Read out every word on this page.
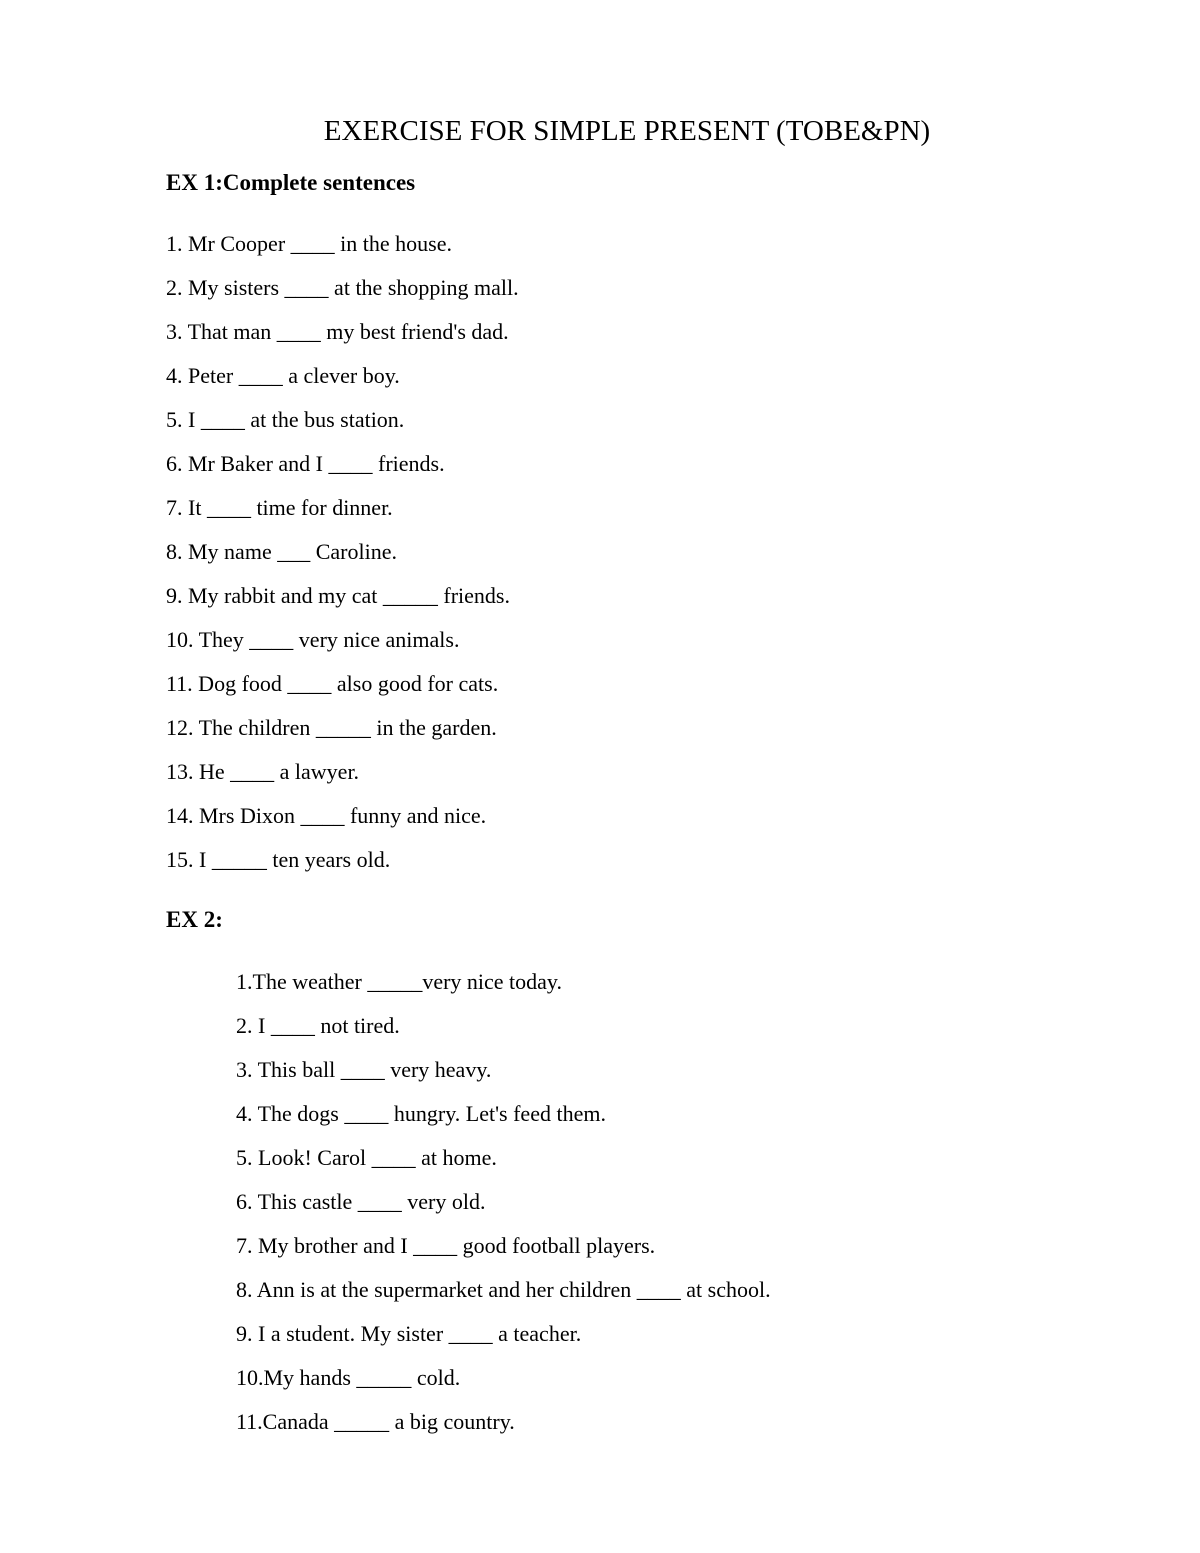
EXERCISE FOR SIMPLE PRESENT (TOBE&PN)
EX 1:Complete sentences
1. Mr Cooper ____ in the house.
2. My sisters ____ at the shopping mall.
3. That man ____ my best friend's dad.
4. Peter ____ a clever boy.
5. I ____ at the bus station.
6. Mr Baker and I ____ friends.
7. It ____ time for dinner.
8. My name ___ Caroline.
9. My rabbit and my cat _____ friends.
10. They ____ very nice animals.
11. Dog food ____ also good for cats.
12. The children _____ in the garden.
13. He ____ a lawyer.
14. Mrs Dixon ____ funny and nice.
15. I _____ ten years old.
EX 2:
1.The weather _____very nice today.
2. I ____ not tired.
3. This ball ____ very heavy.
4. The dogs ____ hungry. Let's feed them.
5. Look! Carol ____ at home.
6. This castle ____ very old.
7. My brother and I ____ good football players.
8. Ann is at the supermarket and her children ____ at school.
9. I a student. My sister ____ a teacher.
10.My hands _____ cold.
11.Canada _____ a big country.
